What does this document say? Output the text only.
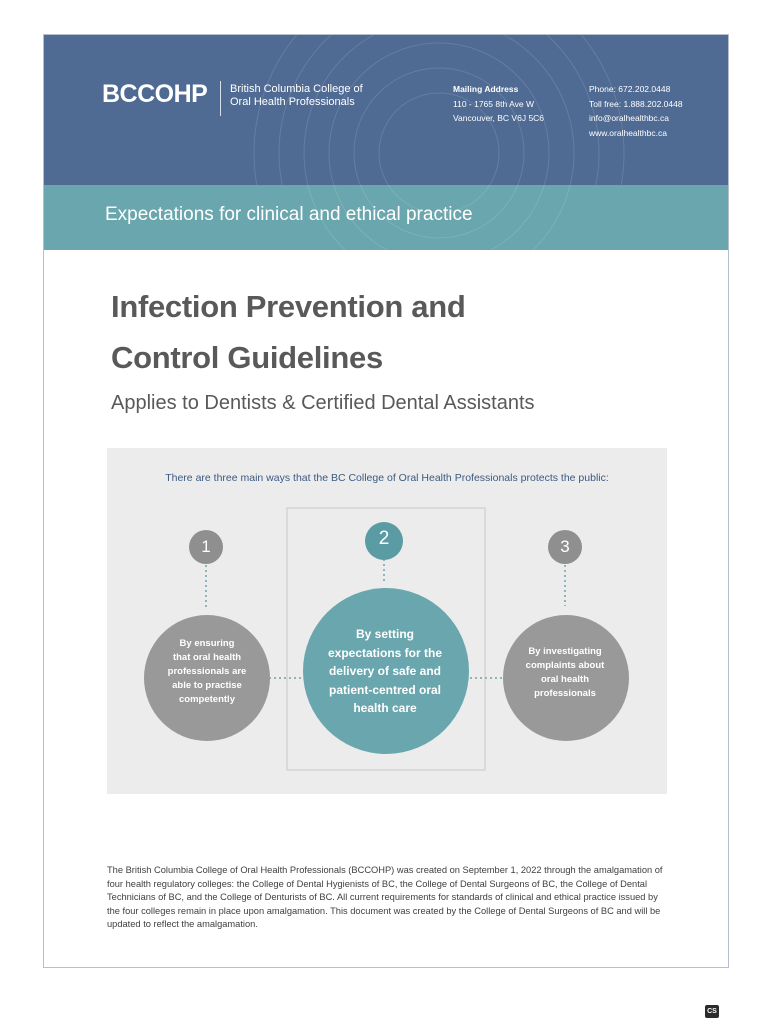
BCCOHP British Columbia College of
Oral Health Professionals
Mailing Address
110 - 1765 8th Ave W
Vancouver, BC V6J 5C6
Phone: 672.202.0448
Toll free: 1.888.202.0448
info@oralhealthbc.ca
www.oralhealthbc.ca
Expectations for clinical and ethical practice
Infection Prevention and
Control Guidelines
Applies to Dentists & Certified Dental Assistants
There are three main ways that the BC College of Oral Health Professionals protects the public:
1	2	3
By ensuring
that oral health
professionals are
able to practise
competently
By setting
expectations for the
delivery of safe and
patient-centred oral
health care
By investigating
complaints about
oral health
professionals
The British Columbia College of Oral Health Professionals (BCCOHP) was created on September 1, 2022 through the amalgamation of four health regulatory colleges: the College of Dental Hygienists of BC, the College of Dental Surgeons of BC, the College of Dental Technicians of BC, and the College of Denturists of BC. All current requirements for standards of clinical and ethical practice issued by the four colleges remain in place upon amalgamation. This document was created by the College of Dental Surgeons of BC and will be updated to reflect the amalgamation.
CS
